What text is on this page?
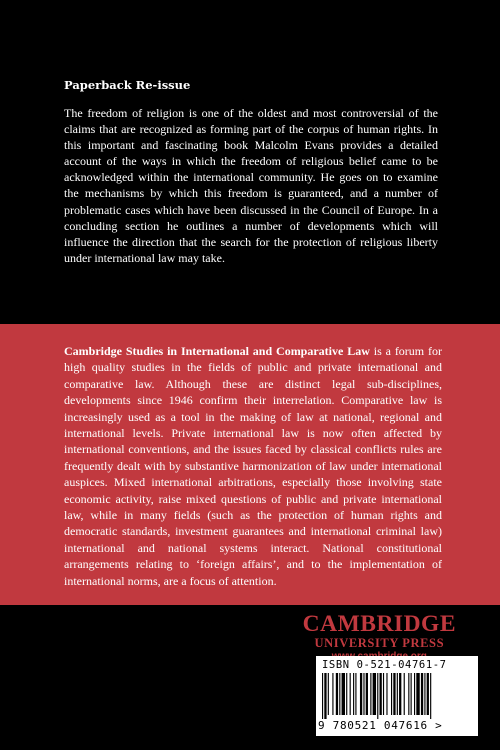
Paperback Re-issue
The freedom of religion is one of the oldest and most controversial of the claims that are recognized as forming part of the corpus of human rights. In this important and fascinating book Malcolm Evans provides a detailed account of the ways in which the freedom of religious belief came to be acknowledged within the international community. He goes on to examine the mechanisms by which this freedom is guaranteed, and a number of problematic cases which have been discussed in the Council of Europe. In a concluding section he outlines a number of developments which will influence the direction that the search for the protection of religious liberty under international law may take.
Cambridge Studies in International and Comparative Law is a forum for high quality studies in the fields of public and private international and comparative law. Although these are distinct legal sub-disciplines, developments since 1946 confirm their interrelation. Comparative law is increasingly used as a tool in the making of law at national, regional and international levels. Private international law is now often affected by international conventions, and the issues faced by classical conflicts rules are frequently dealt with by substantive harmonization of law under international auspices. Mixed international arbitrations, especially those involving state economic activity, raise mixed questions of public and private international law, while in many fields (such as the protection of human rights and democratic standards, investment guarantees and international criminal law) international and national systems interact. National constitutional arrangements relating to ‘foreign affairs’, and to the implementation of international norms, are a focus of attention.
CAMBRIDGE
UNIVERSITY PRESS
ISBN 0-521-04761-7
9 780521 047616 >
